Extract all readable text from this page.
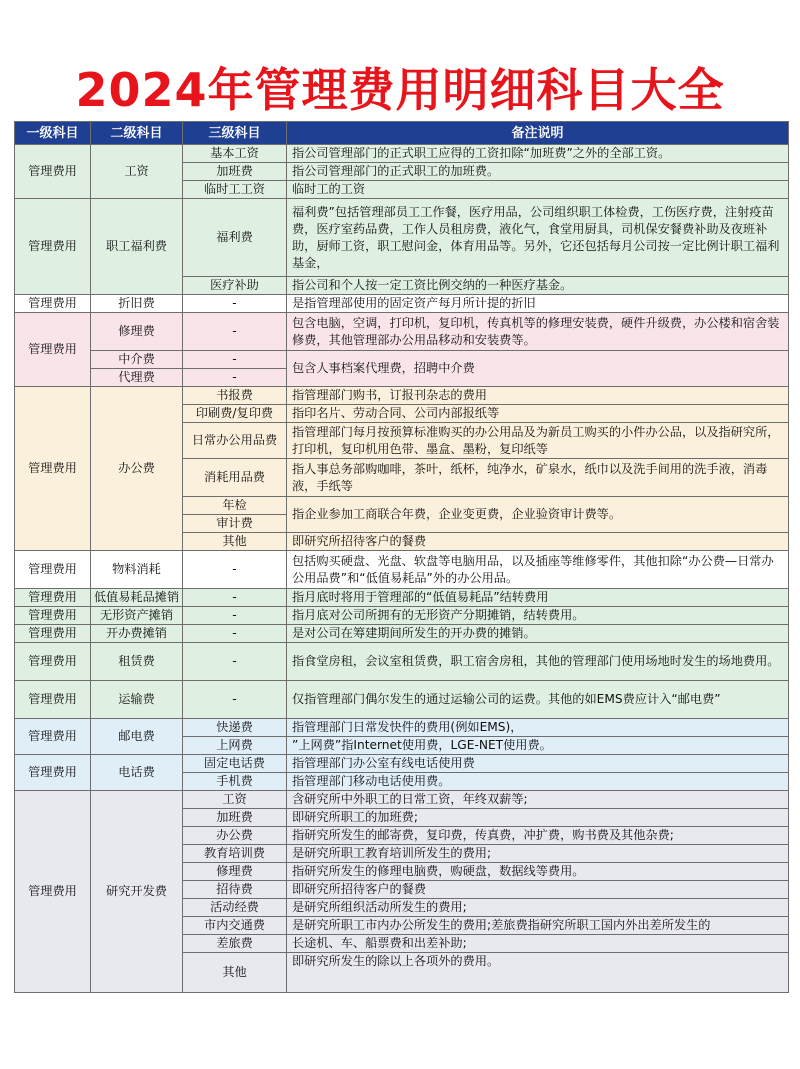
2024年管理费用明细科目大全
一级科目	二级科目	三级科目	备注说明
管理费用	工资	基本工资	指公司管理部门的正式职工应得的工资扣除“加班费”之外的全部工资。
		加班费	指公司管理部门的正式职工的加班费。
		临时工工资	临时工的工资
管理费用	职工福利费	福利费	福利费”包括管理部员工工作餐，医疗用品，公司组织职工体检费，工伤医疗费，注射疫苗费，医疗室药品费，工作人员租房费，液化气，食堂用厨具，司机保安餐费补助及夜班补助，厨师工资，职工慰问金，体育用品等。另外，它还包括每月公司按一定比例计职工福利基金，
		医疗补助	指公司和个人按一定工资比例交纳的一种医疗基金。
管理费用	折旧费	-	是指管理部使用的固定资产每月所计提的折旧
管理费用	修理费	-	包含电脑，空调，打印机，复印机，传真机等的修理安装费，硬件升级费，办公楼和宿舍装修费，其他管理部办公用品移动和安装费等。
	中介费	-	包含人事档案代理费，招聘中介费
	代理费	-	
管理费用	办公费	书报费	指管理部门购书，订报刊杂志的费用
		印刷费/复印费	指印名片、劳动合同、公司内部报纸等
		日常办公用品费	指管理部门每月按预算标准购买的办公用品及为新员工购买的小件办公品，以及指研究所，打印机，复印机用色带、墨盒、墨粉，复印纸等
		消耗用品费	指人事总务部购咖啡，茶叶，纸杯，纯净水，矿泉水，纸巾以及洗手间用的洗手液，消毒液，手纸等
		年检	指企业参加工商联合年费，企业变更费，企业验资审计费等。
		审计费	
		其他	即研究所招待客户的餐费
管理费用	物料消耗	-	包括购买硬盘、光盘、软盘等电脑用品，以及插座等维修零件，其他扣除“办公费—日常办公用品费”和“低值易耗品”外的办公用品。
管理费用	低值易耗品摊销	-	指月底时将用于管理部的“低值易耗品”结转费用
管理费用	无形资产摊销	-	指月底对公司所拥有的无形资产分期摊销，结转费用。
管理费用	开办费摊销	-	是对公司在筹建期间所发生的开办费的摊销。
管理费用	租赁费	-	指食堂房租，会议室租赁费，职工宿舍房租，其他的管理部门使用场地时发生的场地费用。
管理费用	运输费	-	仅指管理部门偶尔发生的通过运输公司的运费。其他的如EMS费应计入“邮电费”
管理费用	邮电费	快递费	指管理部门日常发快件的费用(例如EMS)，
		上网费	”上网费”指Internet使用费，LGE-NET使用费。
管理费用	电话费	固定电话费	指管理部门办公室有线电话使用费
		手机费	指管理部门移动电话使用费。
管理费用	研究开发费	工资	含研究所中外职工的日常工资，年终双薪等;
		加班费	即研究所职工的加班费;
		办公费	指研究所发生的邮寄费，复印费，传真费，冲扩费，购书费及其他杂费;
		教育培训费	是研究所职工教育培训所发生的费用;
		修理费	指研究所发生的修理电脑费，购硬盘，数据线等费用。
		招待费	即研究所招待客户的餐费
		活动经费	是研究所组织活动所发生的费用;
		市内交通费	是研究所职工市内办公所发生的费用;差旅费指研究所职工国内外出差所发生的
		差旅费	长途机、车、船票费和出差补助;
		其他	即研究所发生的除以上各项外的费用。
